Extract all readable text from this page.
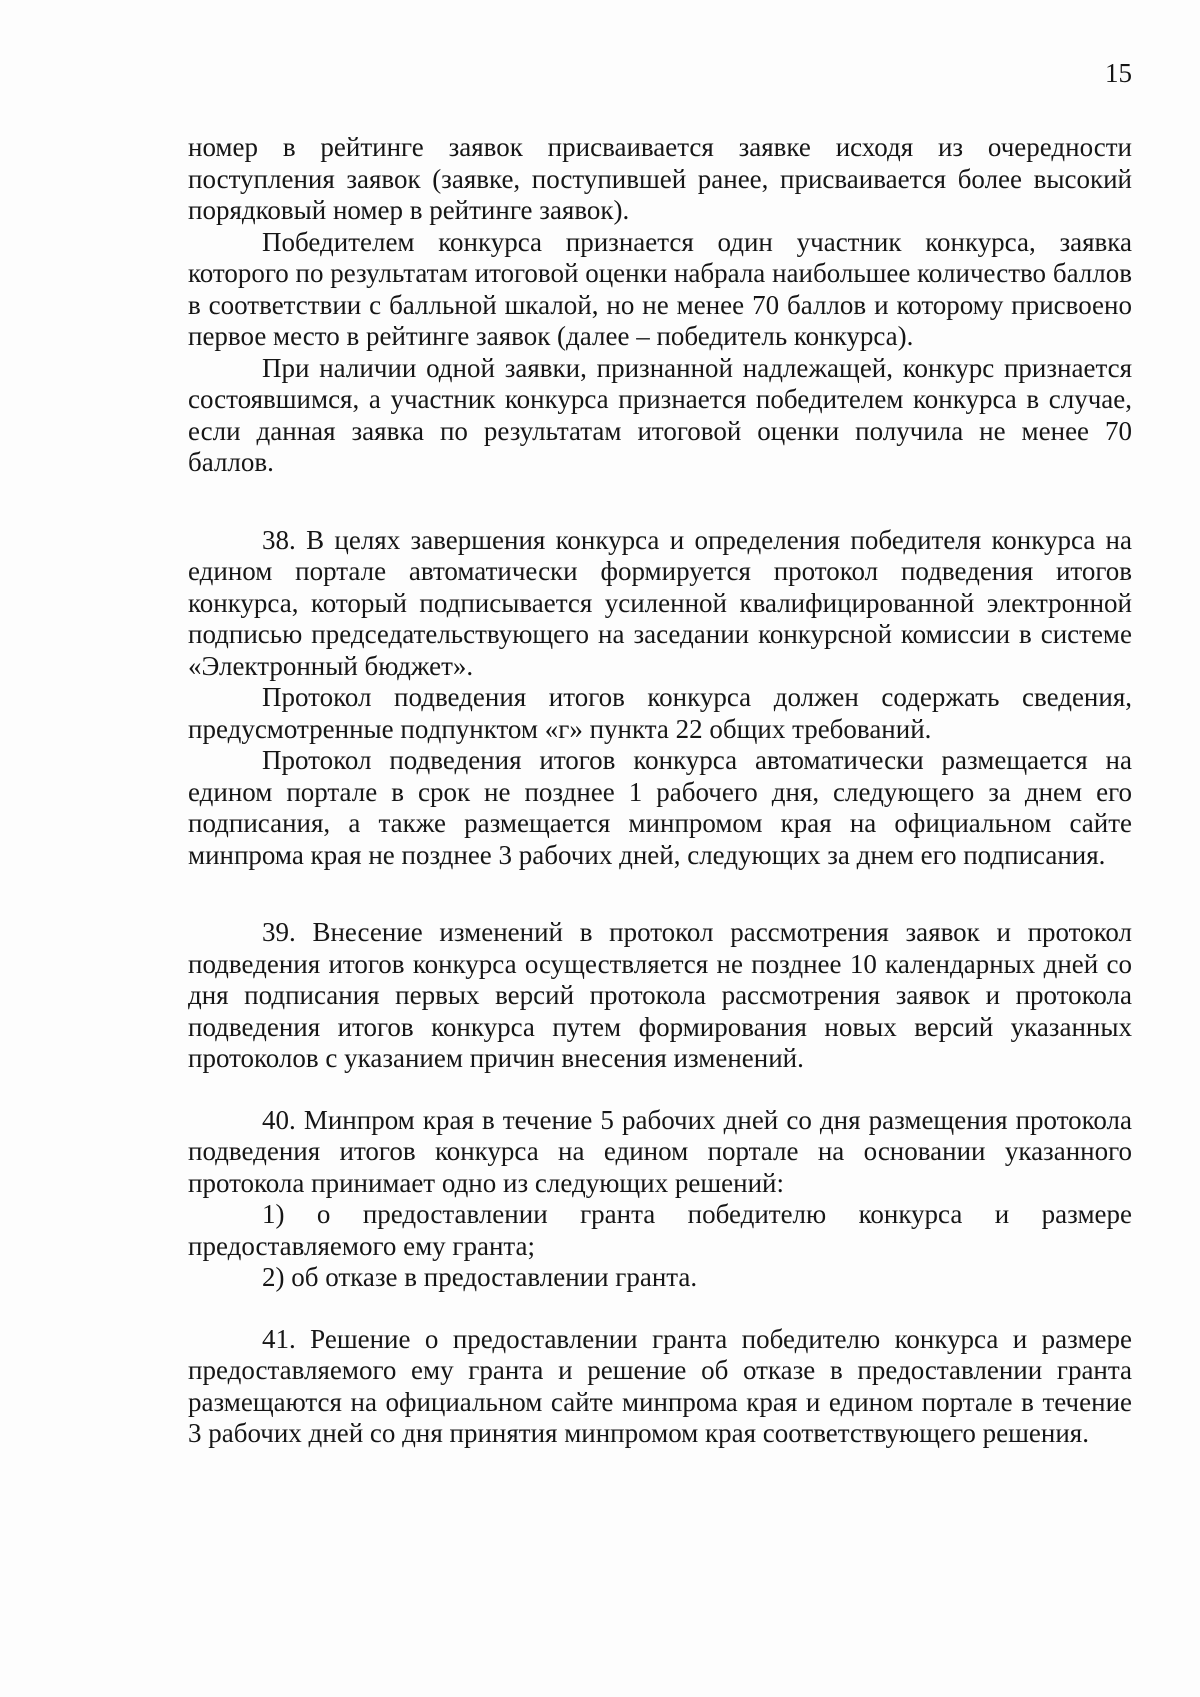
15

номер в рейтинге заявок присваивается заявке исходя из очередности поступления заявок (заявке, поступившей ранее, присваивается более высокий порядковый номер в рейтинге заявок).

Победителем конкурса признается один участник конкурса, заявка которого по результатам итоговой оценки набрала наибольшее количество баллов в соответствии с балльной шкалой, но не менее 70 баллов и которому присвоено первое место в рейтинге заявок (далее – победитель конкурса).

При наличии одной заявки, признанной надлежащей, конкурс признается состоявшимся, а участник конкурса признается победителем конкурса в случае, если данная заявка по результатам итоговой оценки получила не менее 70 баллов.

38. В целях завершения конкурса и определения победителя конкурса на едином портале автоматически формируется протокол подведения итогов конкурса, который подписывается усиленной квалифицированной электронной подписью председательствующего на заседании конкурсной комиссии в системе «Электронный бюджет».

Протокол подведения итогов конкурса должен содержать сведения, предусмотренные подпунктом «г» пункта 22 общих требований.

Протокол подведения итогов конкурса автоматически размещается на едином портале в срок не позднее 1 рабочего дня, следующего за днем его подписания, а также размещается минпромом края на официальном сайте минпрома края не позднее 3 рабочих дней, следующих за днем его подписания.

39. Внесение изменений в протокол рассмотрения заявок и протокол подведения итогов конкурса осуществляется не позднее 10 календарных дней со дня подписания первых версий протокола рассмотрения заявок и протокола подведения итогов конкурса путем формирования новых версий указанных протоколов с указанием причин внесения изменений.

40. Минпром края в течение 5 рабочих дней со дня размещения протокола подведения итогов конкурса на едином портале на основании указанного протокола принимает одно из следующих решений:

1) о предоставлении гранта победителю конкурса и размере предоставляемого ему гранта;

2) об отказе в предоставлении гранта.

41. Решение о предоставлении гранта победителю конкурса и размере предоставляемого ему гранта и решение об отказе в предоставлении гранта размещаются на официальном сайте минпрома края и едином портале в течение 3 рабочих дней со дня принятия минпромом края соответствующего решения.
